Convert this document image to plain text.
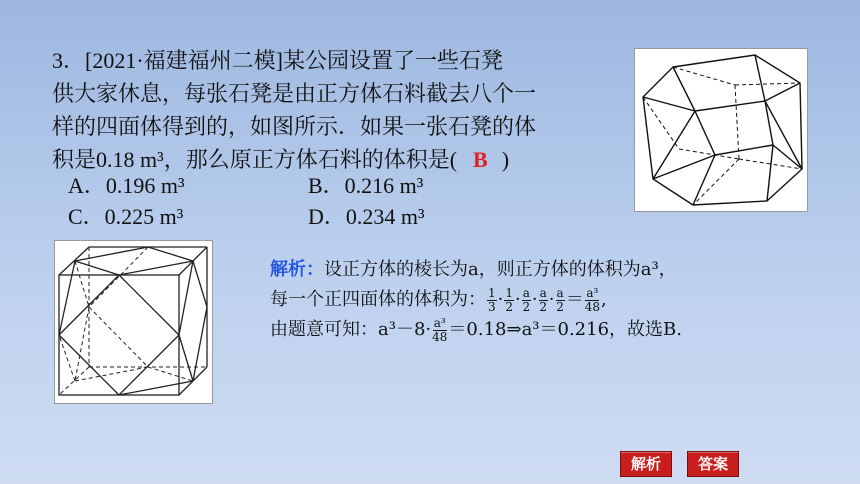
3．[2021·福建福州二模]某公园设置了一些石凳

供大家休息，每张石凳是由正方体石料截去八个一

样的四面体得到的，如图所示．如果一张石凳的体

积是0.18 m³，那么原正方体石料的体积是( B )

A．0.196 m³	B．0.216 m³
C．0.225 m³	D．0.234 m³
解析： 设正方体的棱长为a，则正方体的体积为a³，
每一个正四面体的体积为： $\frac{1}{3} \cdot \frac{1}{2} \cdot \frac{a}{2} \cdot \frac{a}{2} \cdot \frac{a}{2} = \frac{\text{a³}}{48}$ ,
由题意可知：$a^3-8\cdot \frac{\text{a³}}{48}$ ＝0.18⇒a³＝0.216，故选B.
解析	答案
